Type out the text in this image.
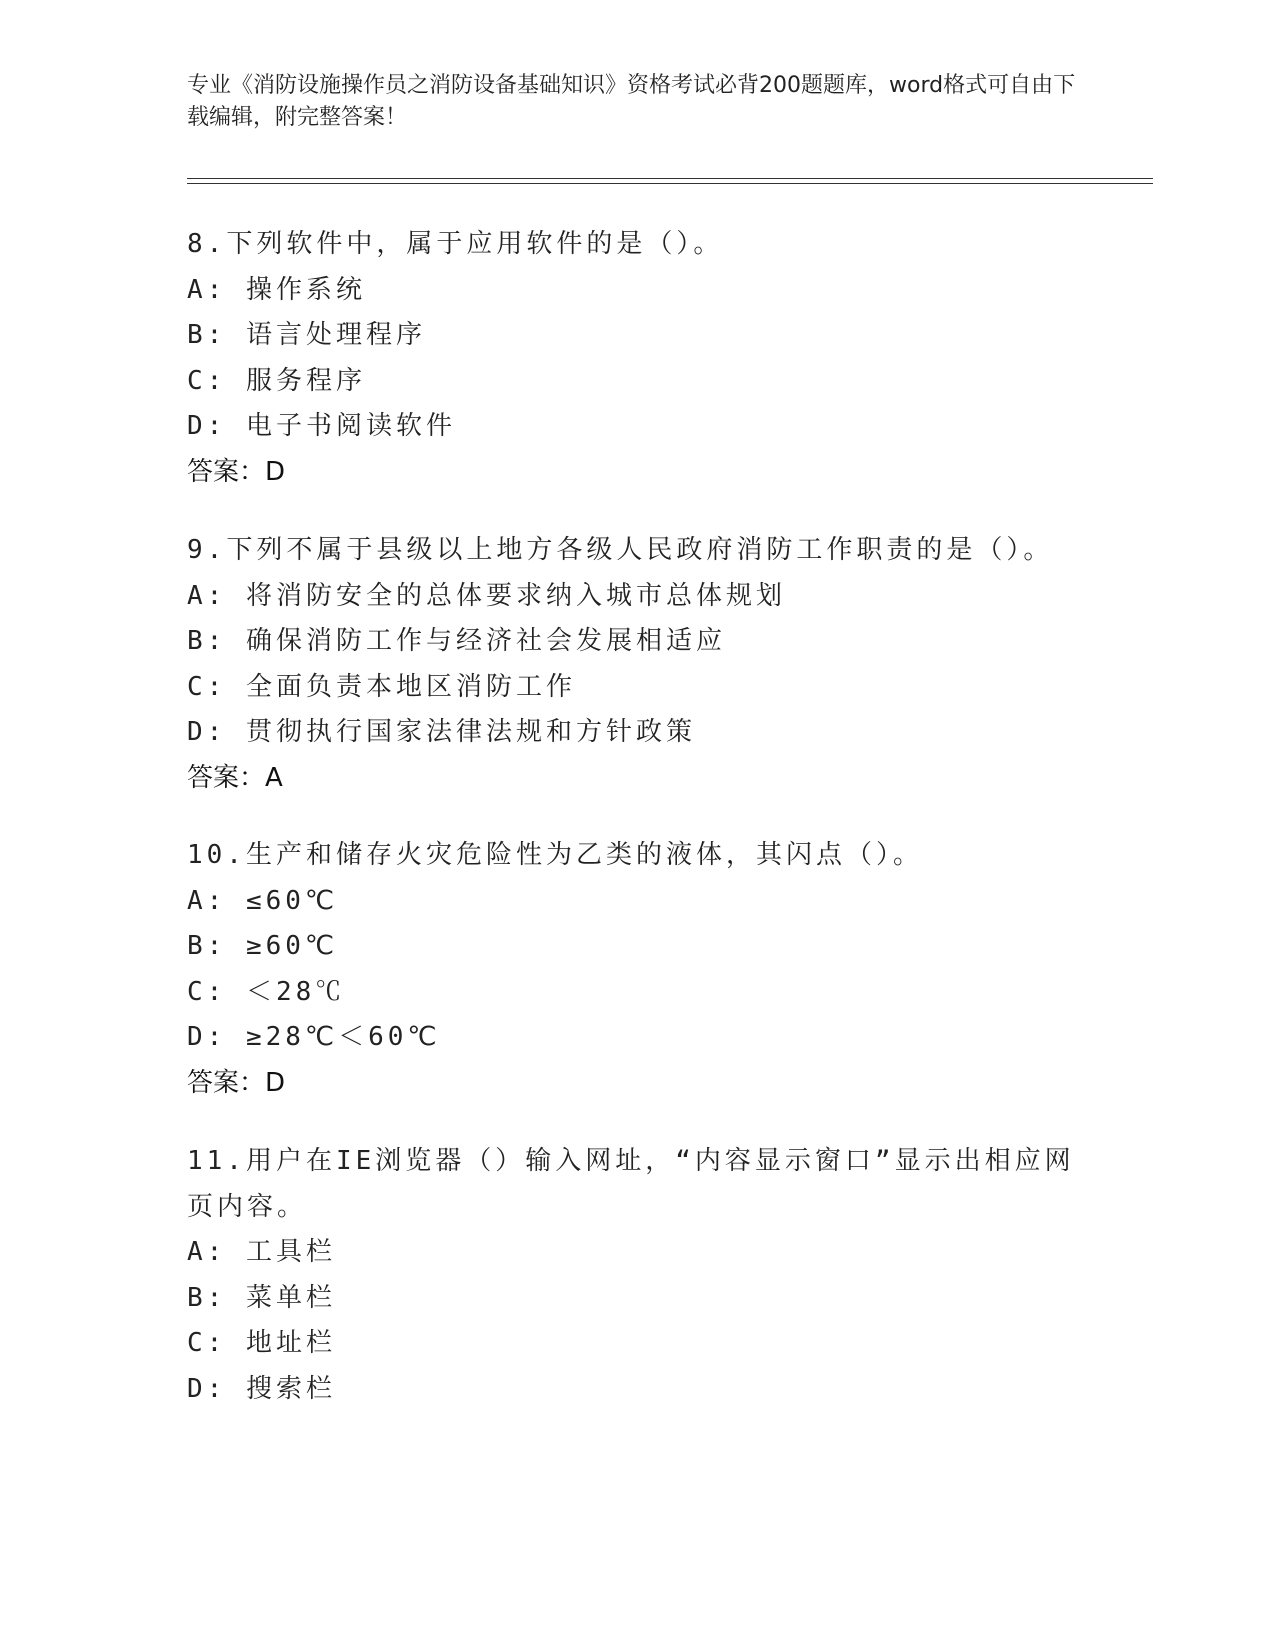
专业《消防设施操作员之消防设备基础知识》资格考试必背200题题库，word格式可自由下载编辑，附完整答案！
8.下列软件中，属于应用软件的是（）。
A: 操作系统
B: 语言处理程序
C: 服务程序
D: 电子书阅读软件
答案：D
9.下列不属于县级以上地方各级人民政府消防工作职责的是（）。
A: 将消防安全的总体要求纳入城市总体规划
B: 确保消防工作与经济社会发展相适应
C: 全面负责本地区消防工作
D: 贯彻执行国家法律法规和方针政策
答案：A
10.生产和储存火灾危险性为乙类的液体，其闪点（）。
A: ≤60℃
B: ≥60℃
C: ＜28℃
D: ≥28℃＜60℃
答案：D
11.用户在IE浏览器（）输入网址，“内容显示窗口”显示出相应网
页内容。
A: 工具栏
B: 菜单栏
C: 地址栏
D: 搜索栏
